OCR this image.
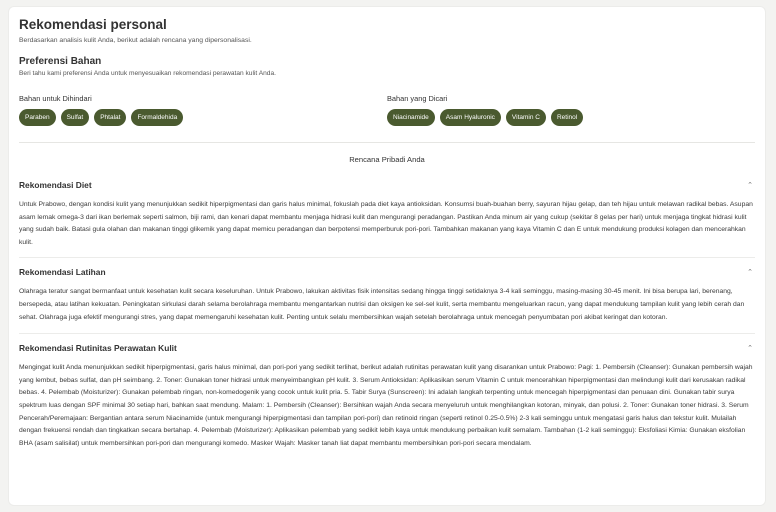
Rekomendasi personal
Berdasarkan analisis kulit Anda, berikut adalah rencana yang dipersonalisasi.
Preferensi Bahan
Beri tahu kami preferensi Anda untuk menyesuaikan rekomendasi perawatan kulit Anda.
Bahan untuk Dihindari
Paraben	Sulfat	Phtalat	Formaldehida
Bahan yang Dicari
Niacinamide	Asam Hyaluronic	Vitamin C	Retinol
Rencana Pribadi Anda
Rekomendasi Diet	⌃
Untuk Prabowo, dengan kondisi kulit yang menunjukkan sedikit hiperpigmentasi dan garis halus minimal, fokuslah pada diet kaya antioksidan. Konsumsi buah-buahan berry, sayuran hijau gelap, dan teh hijau untuk melawan radikal bebas. Asupan asam lemak omega-3 dari ikan berlemak seperti salmon, biji rami, dan kenari dapat membantu menjaga hidrasi kulit dan mengurangi peradangan. Pastikan Anda minum air yang cukup (sekitar 8 gelas per hari) untuk menjaga tingkat hidrasi kulit yang sudah baik. Batasi gula olahan dan makanan tinggi glikemik yang dapat memicu peradangan dan berpotensi memperburuk pori-pori. Tambahkan makanan yang kaya Vitamin C dan E untuk mendukung produksi kolagen dan mencerahkan kulit.
Rekomendasi Latihan	⌃
Olahraga teratur sangat bermanfaat untuk kesehatan kulit secara keseluruhan. Untuk Prabowo, lakukan aktivitas fisik intensitas sedang hingga tinggi setidaknya 3-4 kali seminggu, masing-masing 30-45 menit. Ini bisa berupa lari, berenang, bersepeda, atau latihan kekuatan. Peningkatan sirkulasi darah selama berolahraga membantu mengantarkan nutrisi dan oksigen ke sel-sel kulit, serta membantu mengeluarkan racun, yang dapat mendukung tampilan kulit yang lebih cerah dan sehat. Olahraga juga efektif mengurangi stres, yang dapat memengaruhi kesehatan kulit. Penting untuk selalu membersihkan wajah setelah berolahraga untuk mencegah penyumbatan pori akibat keringat dan kotoran.
Rekomendasi Rutinitas Perawatan Kulit	⌃
Mengingat kulit Anda menunjukkan sedikit hiperpigmentasi, garis halus minimal, dan pori-pori yang sedikit terlihat, berikut adalah rutinitas perawatan kulit yang disarankan untuk Prabowo: Pagi: 1. Pembersih (Cleanser): Gunakan pembersih wajah yang lembut, bebas sulfat, dan pH seimbang. 2. Toner: Gunakan toner hidrasi untuk menyeimbangkan pH kulit. 3. Serum Antioksidan: Aplikasikan serum Vitamin C untuk mencerahkan hiperpigmentasi dan melindungi kulit dari kerusakan radikal bebas. 4. Pelembab (Moisturizer): Gunakan pelembab ringan, non-komedogenik yang cocok untuk kulit pria. 5. Tabir Surya (Sunscreen): Ini adalah langkah terpenting untuk mencegah hiperpigmentasi dan penuaan dini. Gunakan tabir surya spektrum luas dengan SPF minimal 30 setiap hari, bahkan saat mendung. Malam: 1. Pembersih (Cleanser): Bersihkan wajah Anda secara menyeluruh untuk menghilangkan kotoran, minyak, dan polusi. 2. Toner: Gunakan toner hidrasi. 3. Serum Pencerah/Peremajaan: Bergantian antara serum Niacinamide (untuk mengurangi hiperpigmentasi dan tampilan pori-pori) dan retinoid ringan (seperti retinol 0.25-0.5%) 2-3 kali seminggu untuk mengatasi garis halus dan tekstur kulit. Mulailah dengan frekuensi rendah dan tingkatkan secara bertahap. 4. Pelembab (Moisturizer): Aplikasikan pelembab yang sedikit lebih kaya untuk mendukung perbaikan kulit semalam. Tambahan (1-2 kali seminggu): Eksfoliasi Kimia: Gunakan eksfolian BHA (asam salisilat) untuk membersihkan pori-pori dan mengurangi komedo. Masker Wajah: Masker tanah liat dapat membantu membersihkan pori-pori secara mendalam.
